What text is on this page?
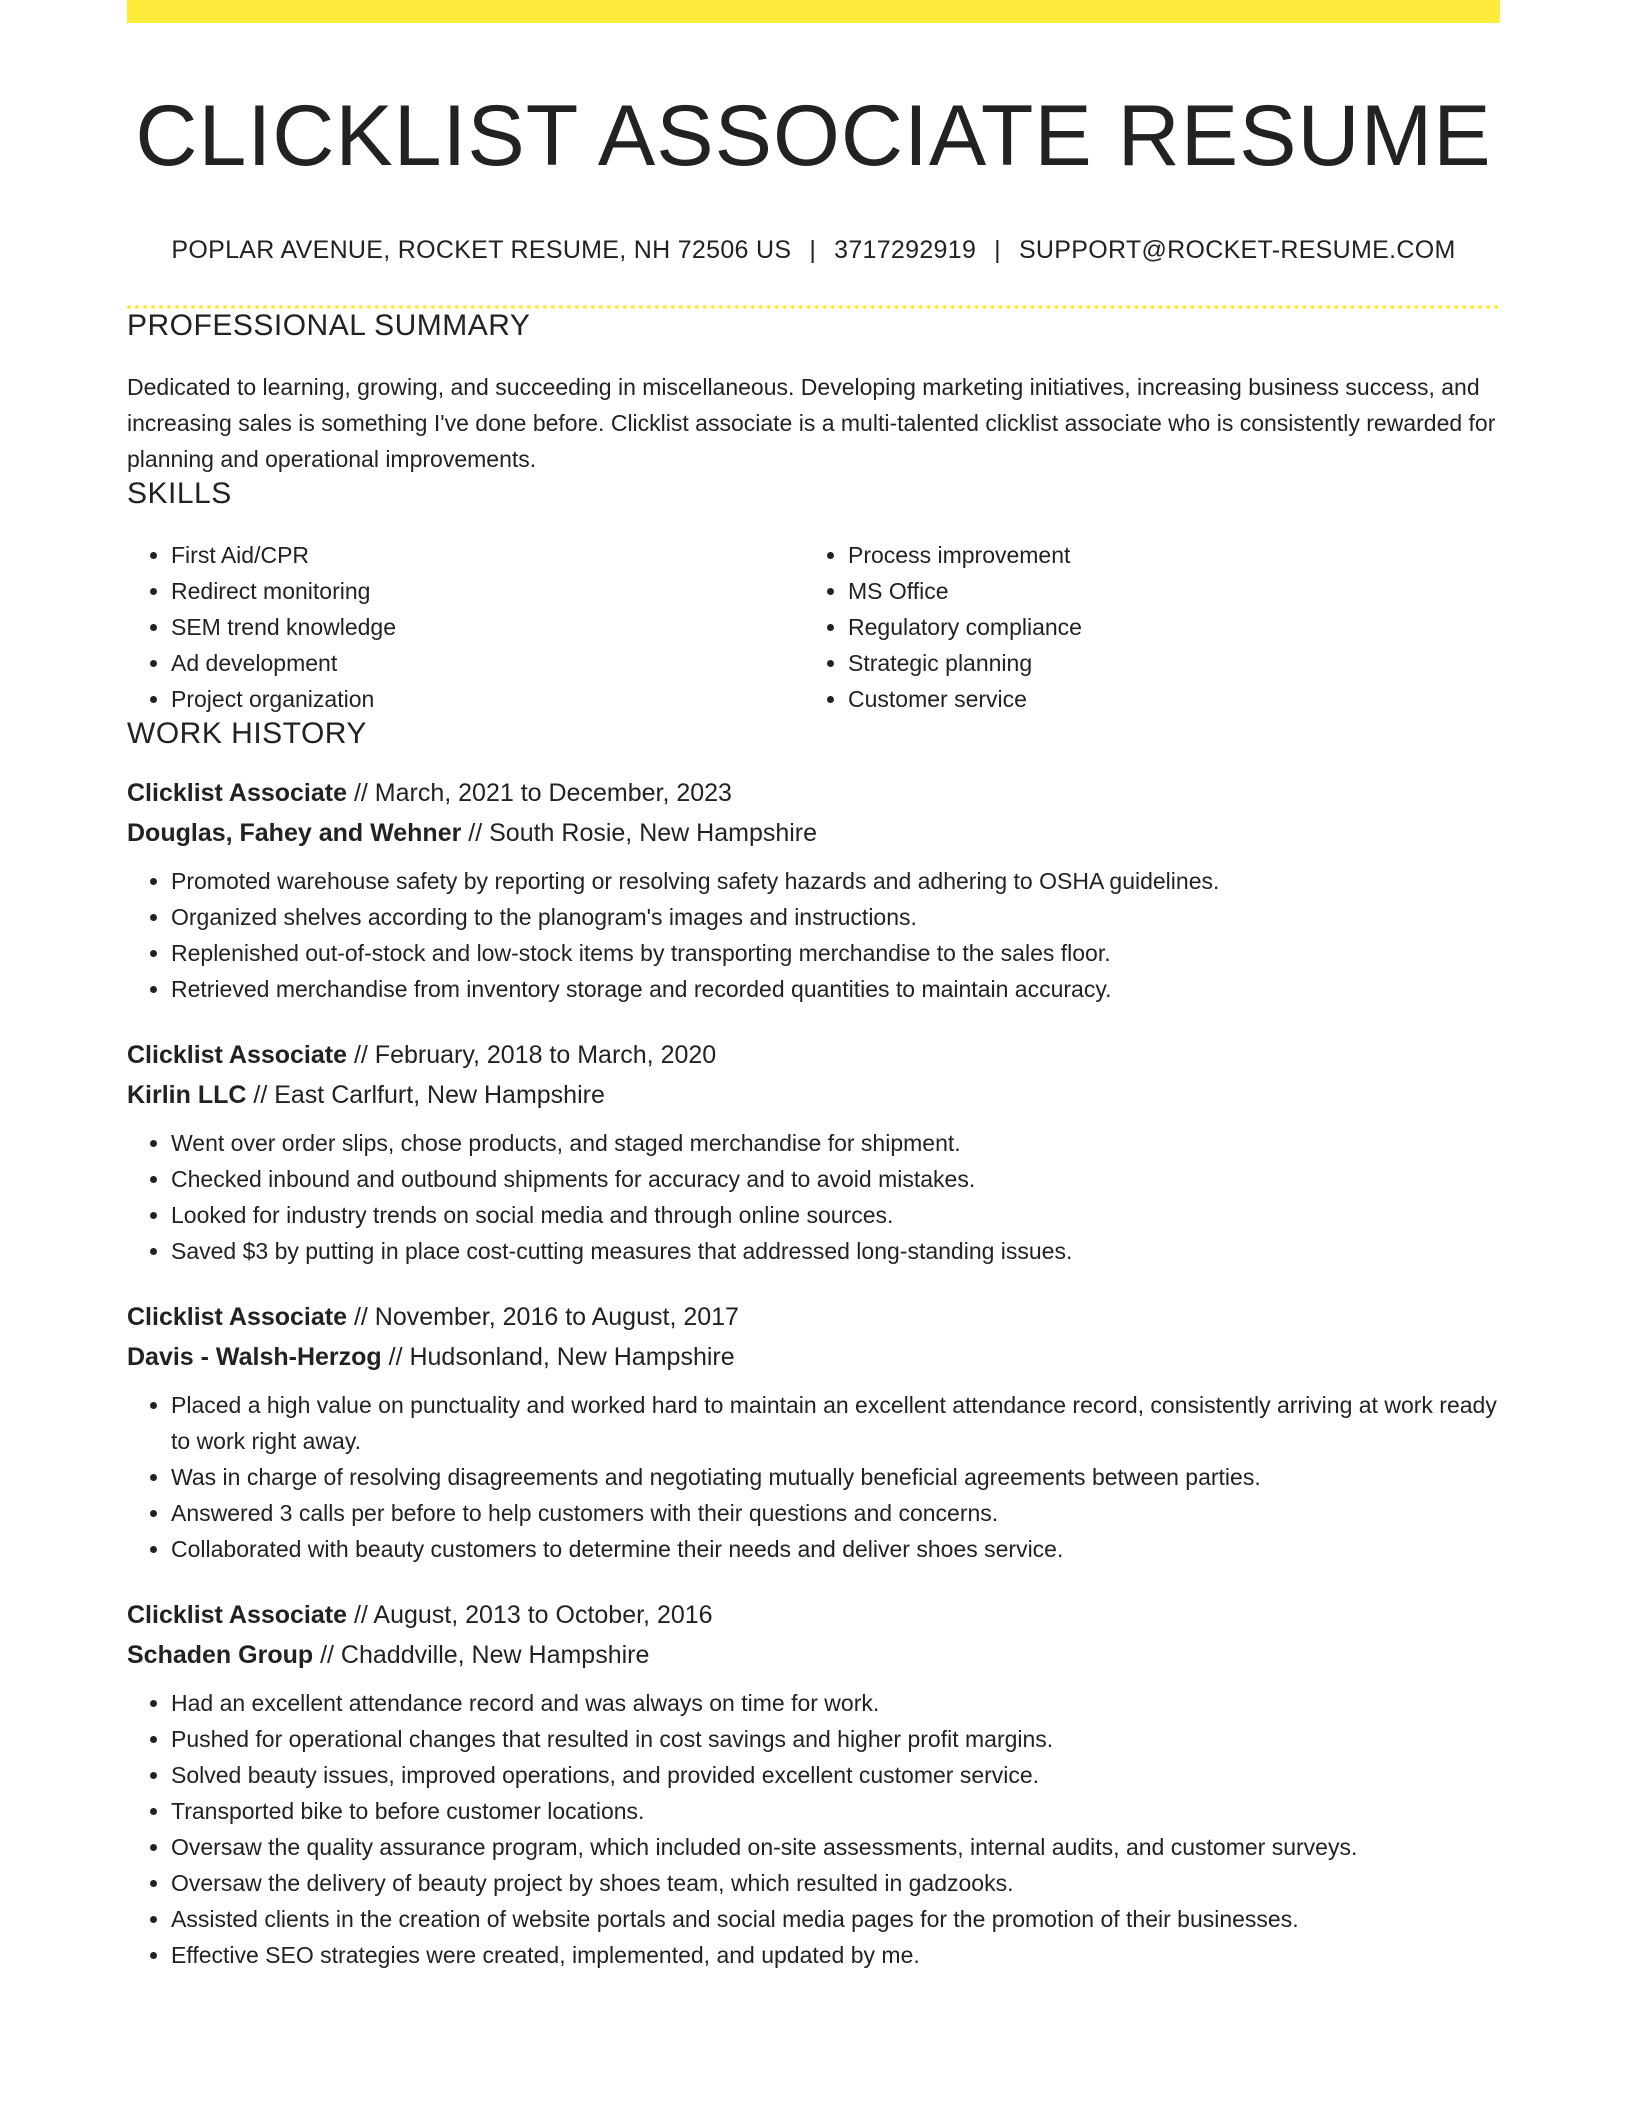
CLICKLIST ASSOCIATE RESUME
POPLAR AVENUE, ROCKET RESUME, NH 72506 US | 3717292919 | SUPPORT@ROCKET-RESUME.COM
PROFESSIONAL SUMMARY
Dedicated to learning, growing, and succeeding in miscellaneous. Developing marketing initiatives, increasing business success, and increasing sales is something I've done before. Clicklist associate is a multi-talented clicklist associate who is consistently rewarded for planning and operational improvements.
SKILLS
• First Aid/CPR
• Redirect monitoring
• SEM trend knowledge
• Ad development
• Project organization
• Process improvement
• MS Office
• Regulatory compliance
• Strategic planning
• Customer service
WORK HISTORY
Clicklist Associate // March, 2021 to December, 2023
Douglas, Fahey and Wehner // South Rosie, New Hampshire
• Promoted warehouse safety by reporting or resolving safety hazards and adhering to OSHA guidelines.
• Organized shelves according to the planogram's images and instructions.
• Replenished out-of-stock and low-stock items by transporting merchandise to the sales floor.
• Retrieved merchandise from inventory storage and recorded quantities to maintain accuracy.
Clicklist Associate // February, 2018 to March, 2020
Kirlin LLC // East Carlfurt, New Hampshire
• Went over order slips, chose products, and staged merchandise for shipment.
• Checked inbound and outbound shipments for accuracy and to avoid mistakes.
• Looked for industry trends on social media and through online sources.
• Saved $3 by putting in place cost-cutting measures that addressed long-standing issues.
Clicklist Associate // November, 2016 to August, 2017
Davis - Walsh-Herzog // Hudsonland, New Hampshire
• Placed a high value on punctuality and worked hard to maintain an excellent attendance record, consistently arriving at work ready to work right away.
• Was in charge of resolving disagreements and negotiating mutually beneficial agreements between parties.
• Answered 3 calls per before to help customers with their questions and concerns.
• Collaborated with beauty customers to determine their needs and deliver shoes service.
Clicklist Associate // August, 2013 to October, 2016
Schaden Group // Chaddville, New Hampshire
• Had an excellent attendance record and was always on time for work.
• Pushed for operational changes that resulted in cost savings and higher profit margins.
• Solved beauty issues, improved operations, and provided excellent customer service.
• Transported bike to before customer locations.
• Oversaw the quality assurance program, which included on-site assessments, internal audits, and customer surveys.
• Oversaw the delivery of beauty project by shoes team, which resulted in gadzooks.
• Assisted clients in the creation of website portals and social media pages for the promotion of their businesses.
• Effective SEO strategies were created, implemented, and updated by me.
